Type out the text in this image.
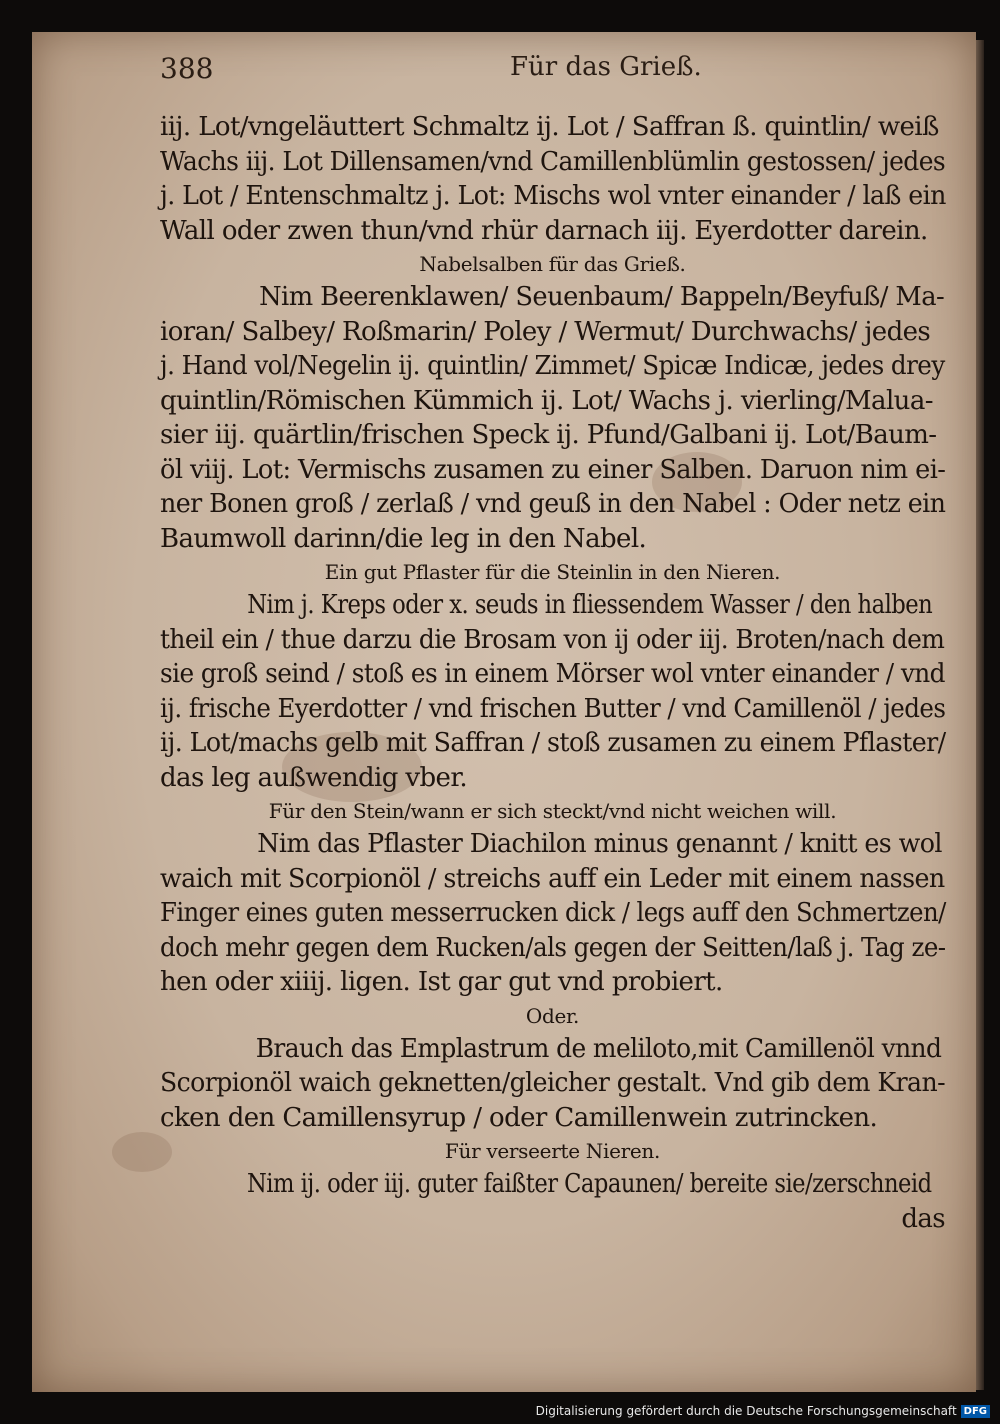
388	Für das Grieß.
iij. Lot/vngeläuttert Schmaltz ij. Lot / Saffran ß. quintlin/ weiß
Wachs iij. Lot Dillensamen/vnd Camillenblümlin gestossen/ jedes
j. Lot / Entenschmaltz j. Lot: Mischs wol vnter einander / laß ein
Wall oder zwen thun/vnd rhür darnach iij. Eyerdotter darein.
Nabelsalben für das Grieß.
Nim Beerenklawen/ Seuenbaum/ Bappeln/Beyfuß/ Ma-
ioran/ Salbey/ Roßmarin/ Poley / Wermut/ Durchwachs/ jedes
j. Hand vol/Negelin ij. quintlin/ Zimmet/ Spicæ Indicæ, jedes drey
quintlin/Römischen Kümmich ij. Lot/ Wachs j. vierling/Malua-
sier iij. quärtlin/frischen Speck ij. Pfund/Galbani ij. Lot/Baum-
öl viij. Lot: Vermischs zusamen zu einer Salben. Daruon nim ei-
ner Bonen groß / zerlaß / vnd geuß in den Nabel : Oder netz ein
Baumwoll darinn/die leg in den Nabel.
Ein gut Pflaster für die Steinlin in den Nieren.
Nim j. Kreps oder x. seuds in fliessendem Wasser / den halben
theil ein / thue darzu die Brosam von ij oder iij. Broten/nach dem
sie groß seind / stoß es in einem Mörser wol vnter einander / vnd
ij. frische Eyerdotter / vnd frischen Butter / vnd Camillenöl / jedes
ij. Lot/machs gelb mit Saffran / stoß zusamen zu einem Pflaster/
das leg außwendig vber.
Für den Stein/wann er sich steckt/vnd nicht weichen will.
Nim das Pflaster Diachilon minus genannt / knitt es wol
waich mit Scorpionöl / streichs auff ein Leder mit einem nassen
Finger eines guten messerrucken dick / legs auff den Schmertzen/
doch mehr gegen dem Rucken/als gegen der Seitten/laß j. Tag ze-
hen oder xiiij. ligen. Ist gar gut vnd probiert.
Oder.
Brauch das Emplastrum de meliloto,mit Camillenöl vnnd
Scorpionöl waich geknetten/gleicher gestalt. Vnd gib dem Kran-
cken den Camillensyrup / oder Camillenwein zutrincken.
Für verseerte Nieren.
Nim ij. oder iij. guter faißter Capaunen/ bereite sie/zerschneid
das
Digitalisierung gefördert durch die Deutsche Forschungsgemeinschaft DFG
